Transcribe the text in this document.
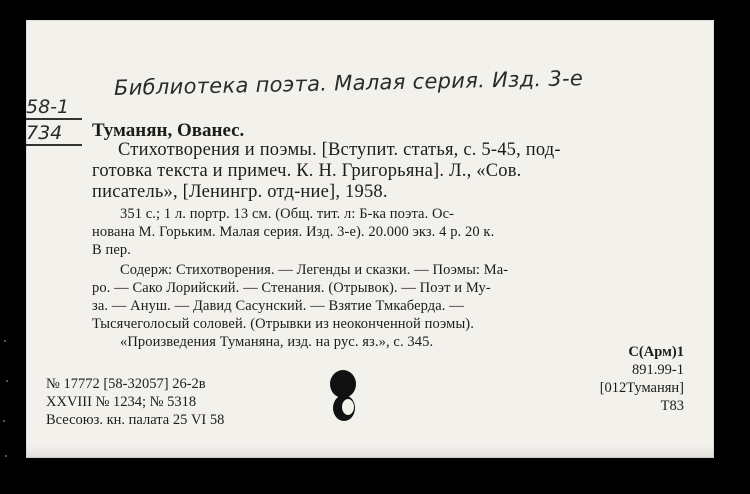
Библиотека поэта. Малая серия. Изд. 3-е
58-1
734 Туманян, Ованес.
Стихотворения и поэмы. [Вступит. статья, с. 5-45, под-
готовка текста и примеч. К. Н. Григорьяна]. Л., «Сов.
писатель», [Ленингр. отд-ние], 1958.
351 с.; 1 л. портр. 13 см. (Общ. тит. л: Б-ка поэта. Ос-
нована М. Горьким. Малая серия. Изд. 3-е). 20.000 экз. 4 р. 20 к.
В пер.
Содерж: Стихотворения. — Легенды и сказки. — Поэмы: Ма-
ро. — Сако Лорийский. — Стенания. (Отрывок). — Поэт и Му-
за. — Ануш. — Давид Сасунский. — Взятие Тмкаберда. —
Тысячеголосый соловей. (Отрывки из неоконченной поэмы).
«Произведения Туманяна, изд. на рус. яз.», с. 345.
С(Арм)1
891.99-1
[012Туманян]
Т83
№ 17772 [58-32057] 26-2в
XXVIII № 1234; № 5318
Всесоюз. кн. палата 25 VI 58
